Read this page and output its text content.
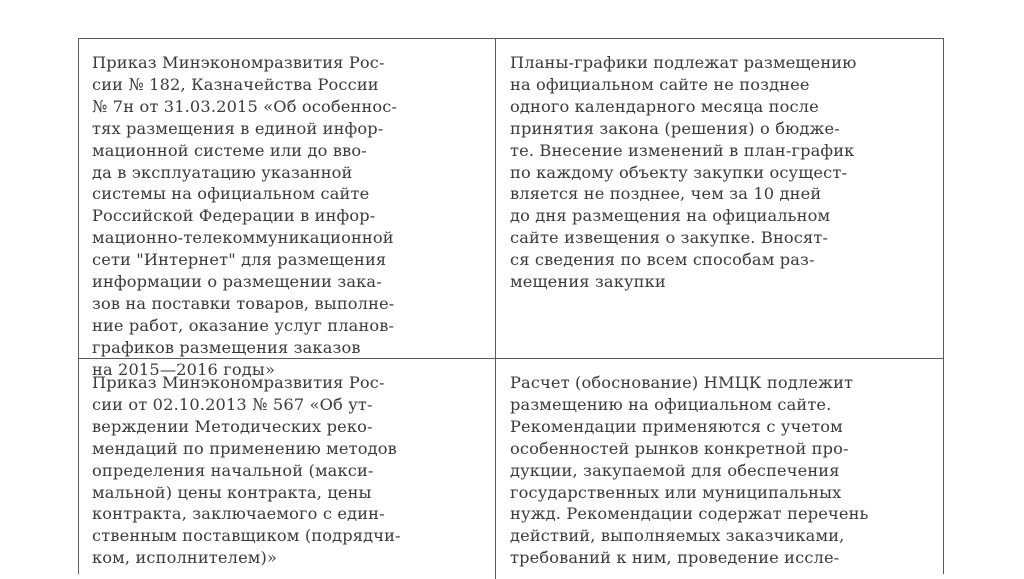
Приказ Минэкономразвития Рос-
сии № 182, Казначейства России
№ 7н от 31.03.2015 «Об особеннос-
тях размещения в единой инфор-
мационной системе или до вво-
да в эксплуатацию указанной
системы на официальном сайте
Российской Федерации в инфор-
мационно-телекоммуникационной
сети "Интернет" для размещения
информации о размещении зака-
зов на поставки товаров, выполне-
ние работ, оказание услуг планов-
графиков размещения заказов
на 2015—2016 годы»
Планы-графики подлежат размещению
на официальном сайте не позднее
одного календарного месяца после
принятия закона (решения) о бюдже-
те. Внесение изменений в план-график
по каждому объекту закупки осущест-
вляется не позднее, чем за 10 дней
до дня размещения на официальном
сайте извещения о закупке. Вносят-
ся сведения по всем способам раз-
мещения закупки
Приказ Минэкономразвития Рос-
сии от 02.10.2013 № 567 «Об ут-
верждении Методических реко-
мендаций по применению методов
определения начальной (макси-
мальной) цены контракта, цены
контракта, заключаемого с един-
ственным поставщиком (подрядчи-
ком, исполнителем)»
Расчет (обоснование) НМЦК подлежит
размещению на официальном сайте.
Рекомендации применяются с учетом
особенностей рынков конкретной про-
дукции, закупаемой для обеспечения
государственных или муниципальных
нужд. Рекомендации содержат перечень
действий, выполняемых заказчиками,
требований к ним, проведение иссле-
